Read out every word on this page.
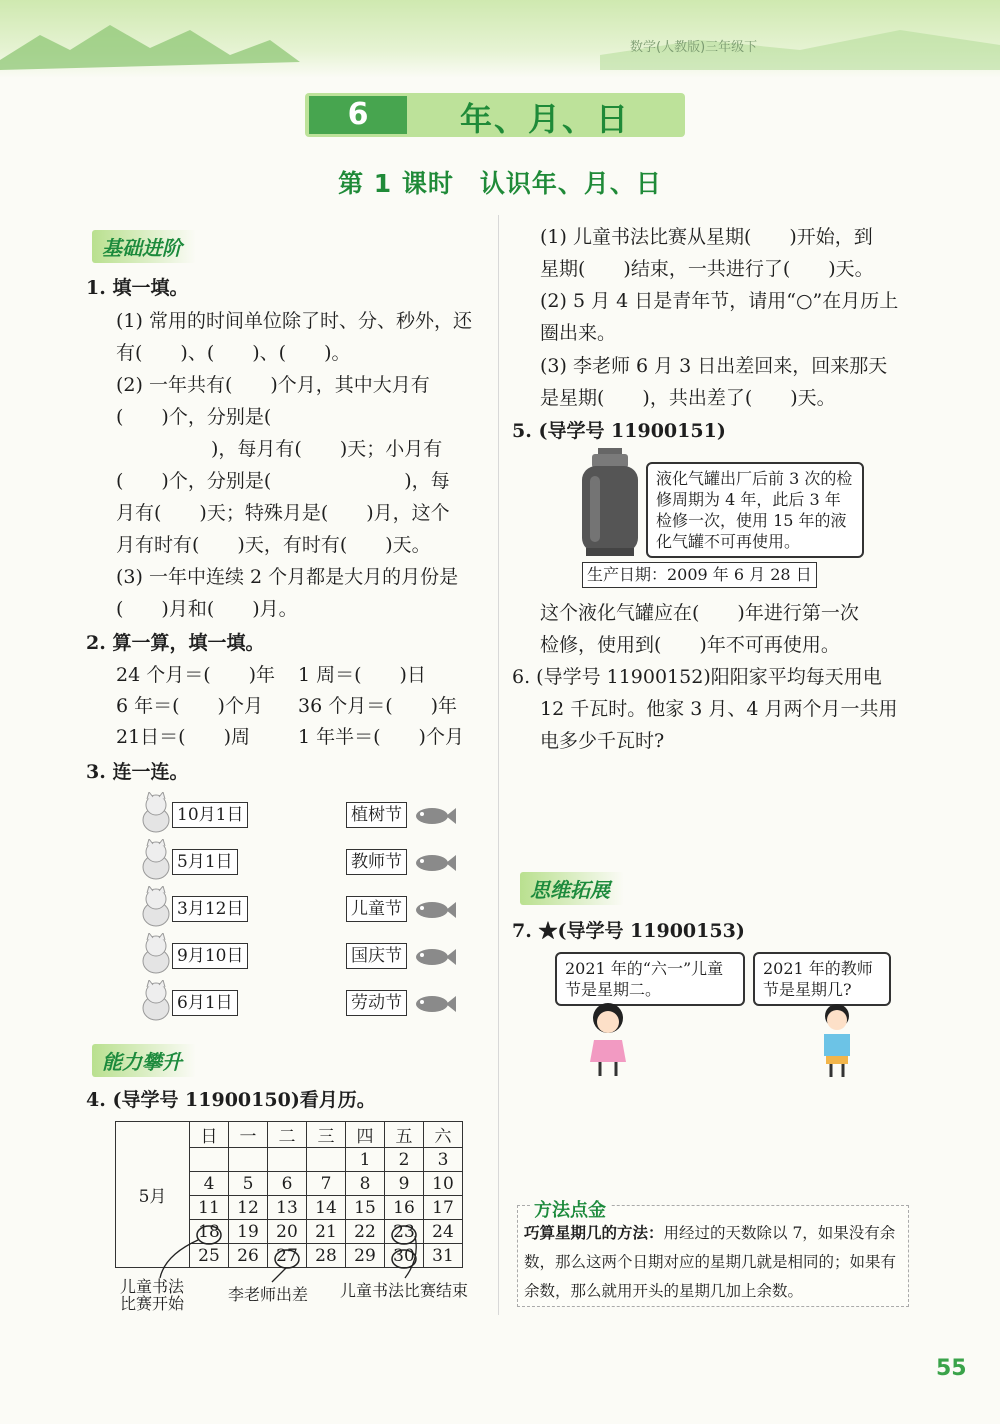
数学(人教版)三年级下
6	年、月、日
第 1 课时　认识年、月、日
基础进阶
1. 填一填。
(1) 常用的时间单位除了时、分、秒外，还
有(　　)、(　　)、(　　)。
(2) 一年共有(　　)个月，其中大月有
(　　)个，分别是(
　　　　　)，每月有(　　)天；小月有
(　　)个，分别是(　　　　　　　)，每
月有(　　)天；特殊月是(　　)月，这个
月有时有(　　)天，有时有(　　)天。
(3) 一年中连续 2 个月都是大月的月份是
(　　)月和(　　)月。
2. 算一算，填一填。
24 个月＝(　　)年 1 周＝(　　)日
6 年＝(　　)个月 36 个月＝(　　)年
21日＝(　　)周	1 年半＝(　　)个月
3. 连一连。
10月1日	植树节
5月1日	教师节
3月12日	儿童节
9月10日	国庆节
6月1日	劳动节
能力攀升
4. (导学号 11900150)看月历。
5月	日	一	二	三	四	五	六
					1	2	3
	4	5	6	7	8	9	10
	11	12	13	14	15	16	17
	18	19	20	21	22	23	24
	25	26	27	28	29	30	31
儿童书法
比赛开始	李老师出差 儿童书法比赛结束
(1) 儿童书法比赛从星期(　　)开始，到
星期(　　)结束，一共进行了(　　)天。
(2) 5 月 4 日是青年节，请用“○”在月历上
圈出来。
(3) 李老师 6 月 3 日出差回来，回来那天
是星期(　　)，共出差了(　　)天。
5. (导学号 11900151)
液化气罐出厂后前 3 次的检修周期为 4 年，此后 3 年检修一次，使用 15 年的液化气罐不可再使用。
生产日期：2009 年 6 月 28 日
这个液化气罐应在(　　)年进行第一次
检修，使用到(　　)年不可再使用。
6. (导学号 11900152)阳阳家平均每天用电
12 千瓦时。他家 3 月、4 月两个月一共用
电多少千瓦时?
思维拓展
7. ★(导学号 11900153)
2021 年的“六一”儿童节是星期二。
2021 年的教师节是星期几?
方法点金
巧算星期几的方法：用经过的天数除以 7，如果没有余数，那么这两个日期对应的星期几就是相同的；如果有余数，那么就用开头的星期几加上余数。
55
